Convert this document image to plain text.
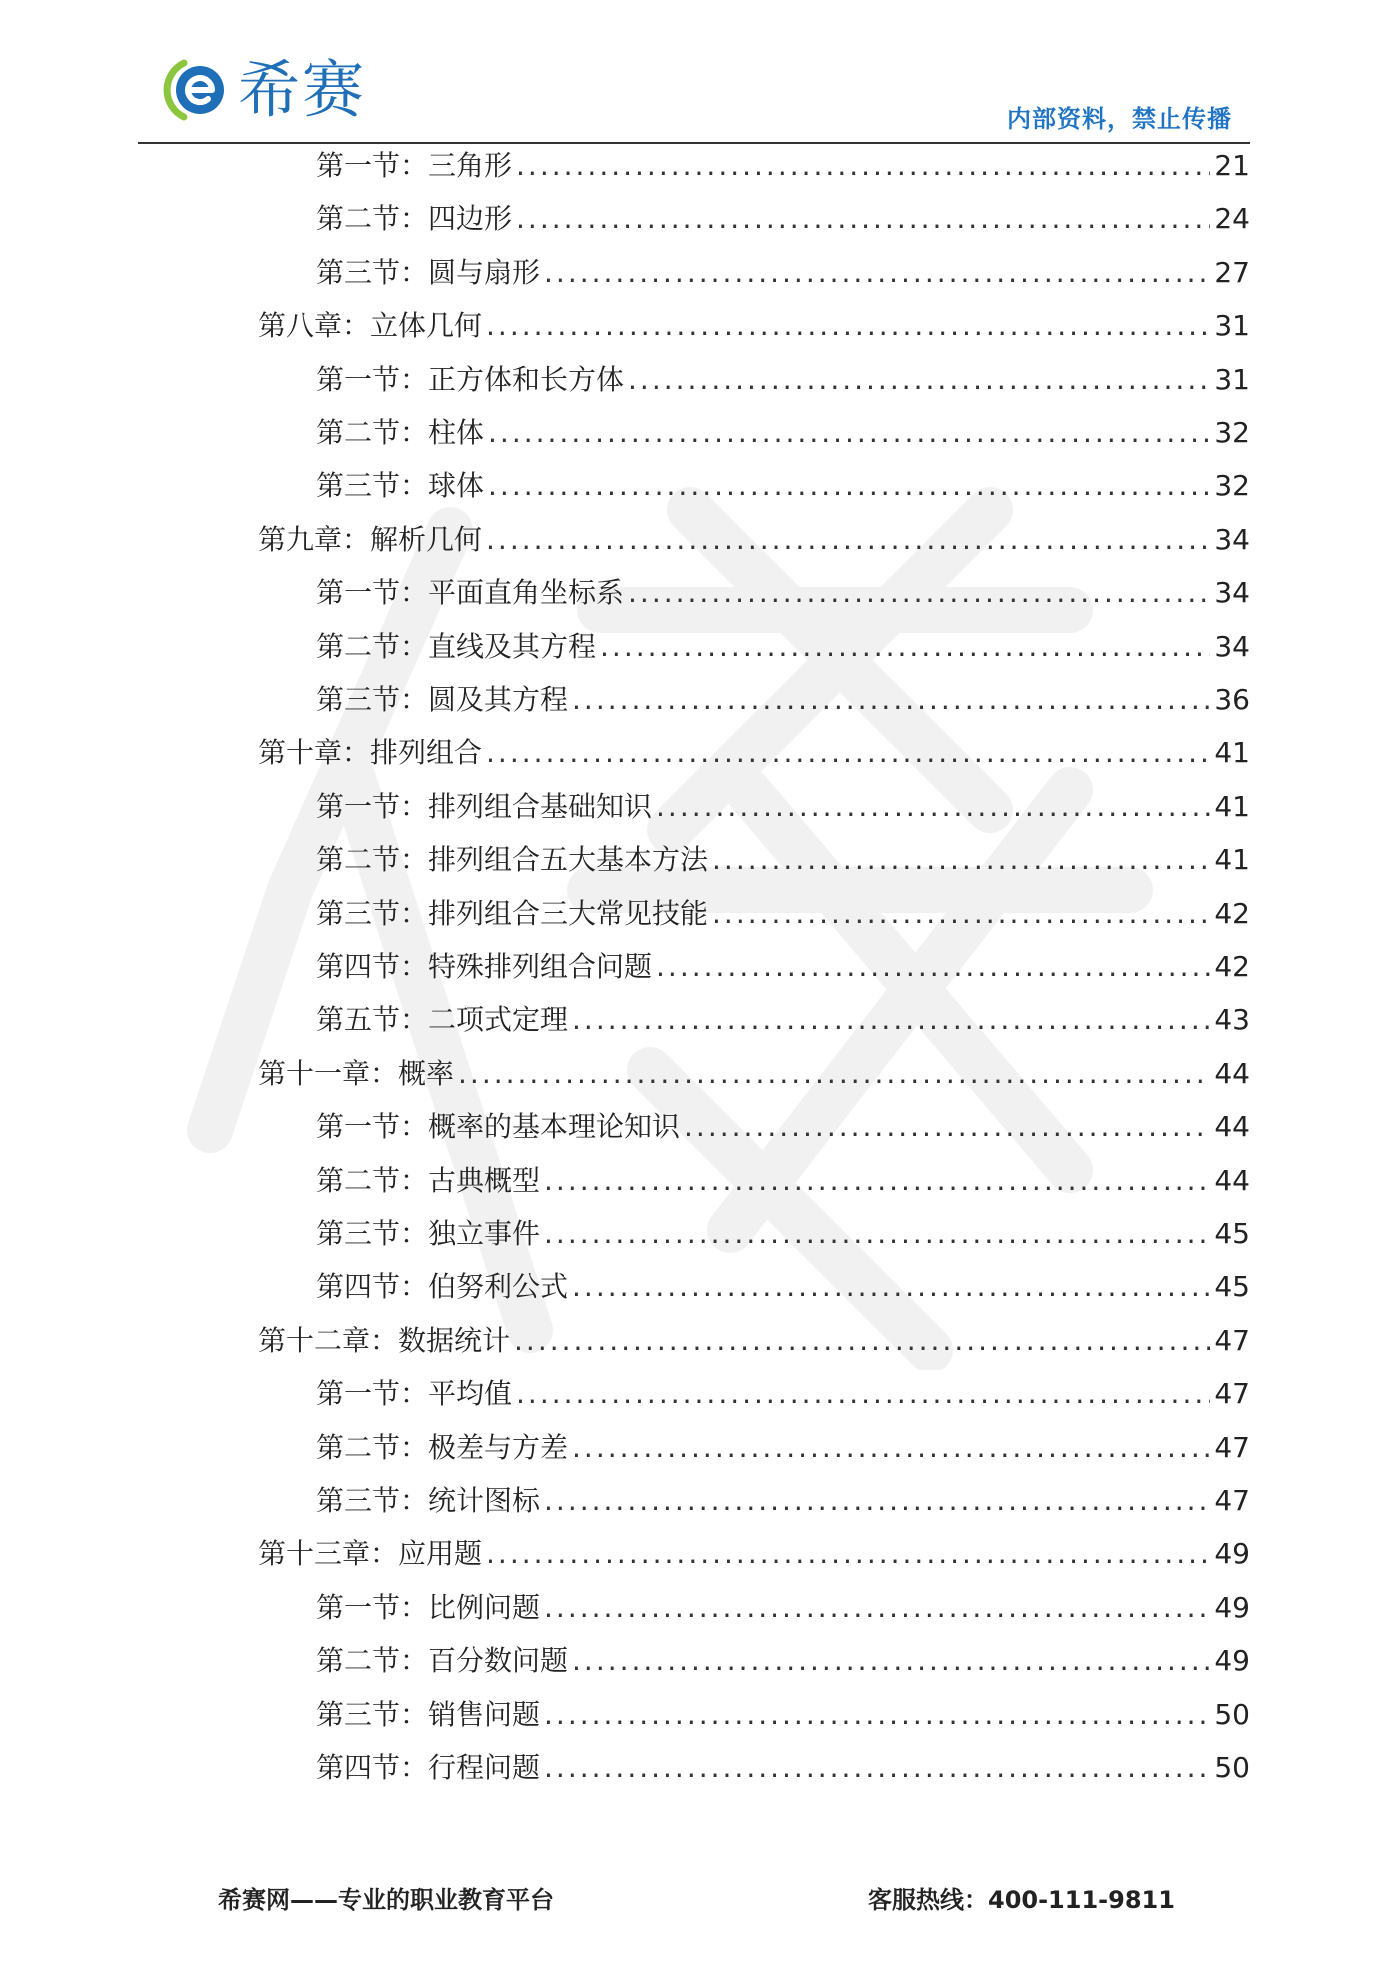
希赛	内部资料，禁止传播
第一节：三角形 .....	21
第二节：四边形 .....	24
第三节：圆与扇形 .....	27
第八章：立体几何 .....	31
第一节：正方体和长方体 .....	31
第二节：柱体 .....	32
第三节：球体 .....	32
第九章：解析几何 .....	34
第一节：平面直角坐标系 .....	34
第二节：直线及其方程 .....	34
第三节：圆及其方程 .....	36
第十章：排列组合 .....	41
第一节：排列组合基础知识 .....	41
第二节：排列组合五大基本方法 .....	41
第三节：排列组合三大常见技能 .....	42
第四节：特殊排列组合问题 .....	42
第五节：二项式定理 .....	43
第十一章：概率 .....	44
第一节：概率的基本理论知识 .....	44
第二节：古典概型 .....	44
第三节：独立事件 .....	45
第四节：伯努利公式 .....	45
第十二章：数据统计 .....	47
第一节：平均值 .....	47
第二节：极差与方差 .....	47
第三节：统计图标 .....	47
第十三章：应用题 .....	49
第一节：比例问题 .....	49
第二节：百分数问题 .....	49
第三节：销售问题 .....	50
第四节：行程问题 .....	50
希赛网——专业的职业教育平台	客服热线：400-111-9811
